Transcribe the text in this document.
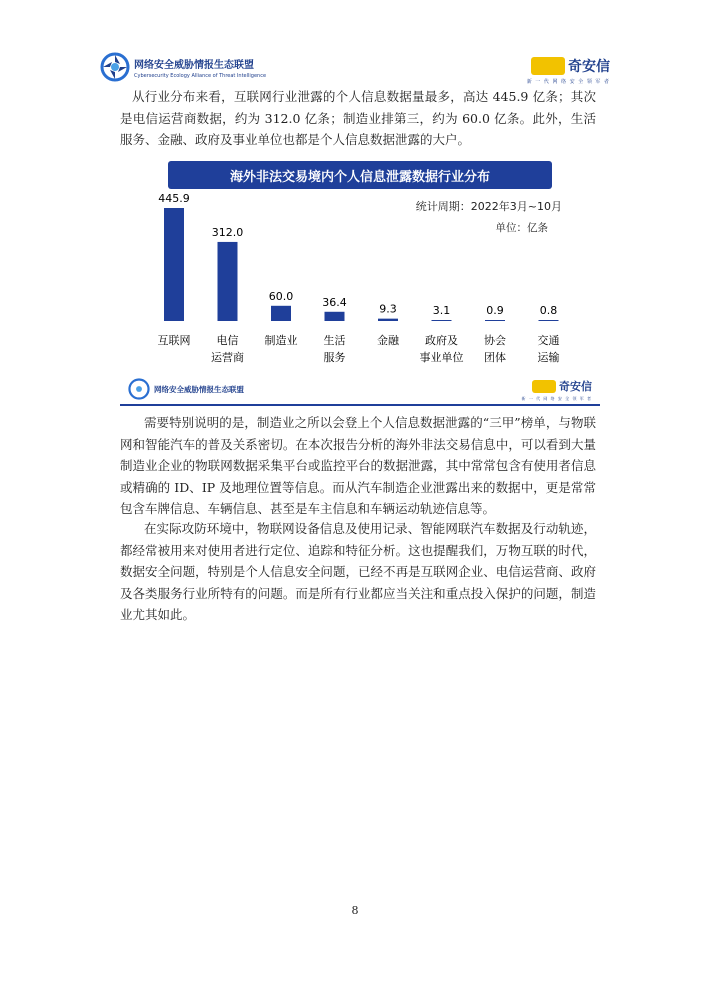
网络安全威胁情报生态联盟
Cybersecurity Ecology Alliance of Threat Intelligence
奇安信
新 一 代 网 络 安 全 领 军 者
从行业分布来看，互联网行业泄露的个人信息数据量最多，高达 445.9 亿条；其次是电信运营商数据，约为 312.0 亿条；制造业排第三，约为 60.0 亿条。此外，生活服务、金融、政府及事业单位也都是个人信息数据泄露的大户。
海外非法交易境内个人信息泄露数据行业分布
统计周期：2022年3月~10月
单位：亿条
445.9
互联网
312.0
电信
运营商
60.0
制造业
36.4
生活
服务
9.3
金融
3.1
政府及
事业单位
0.9
协会
团体
0.8
交通
运输
网络安全威胁情报生态联盟	奇安信
新 一 代 网 络 安 全 领 军 者
需要特别说明的是，制造业之所以会登上个人信息数据泄露的“三甲”榜单，与物联网和智能汽车的普及关系密切。在本次报告分析的海外非法交易信息中，可以看到大量制造业企业的物联网数据采集平台或监控平台的数据泄露，其中常常包含有使用者信息或精确的 ID、IP 及地理位置等信息。而从汽车制造企业泄露出来的数据中，更是常常包含车牌信息、车辆信息、甚至是车主信息和车辆运动轨迹信息等。
在实际攻防环境中，物联网设备信息及使用记录、智能网联汽车数据及行动轨迹，都经常被用来对使用者进行定位、追踪和特征分析。这也提醒我们，万物互联的时代，数据安全问题，特别是个人信息安全问题，已经不再是互联网企业、电信运营商、政府及各类服务行业所特有的问题。而是所有行业都应当关注和重点投入保护的问题，制造业尤其如此。
8
